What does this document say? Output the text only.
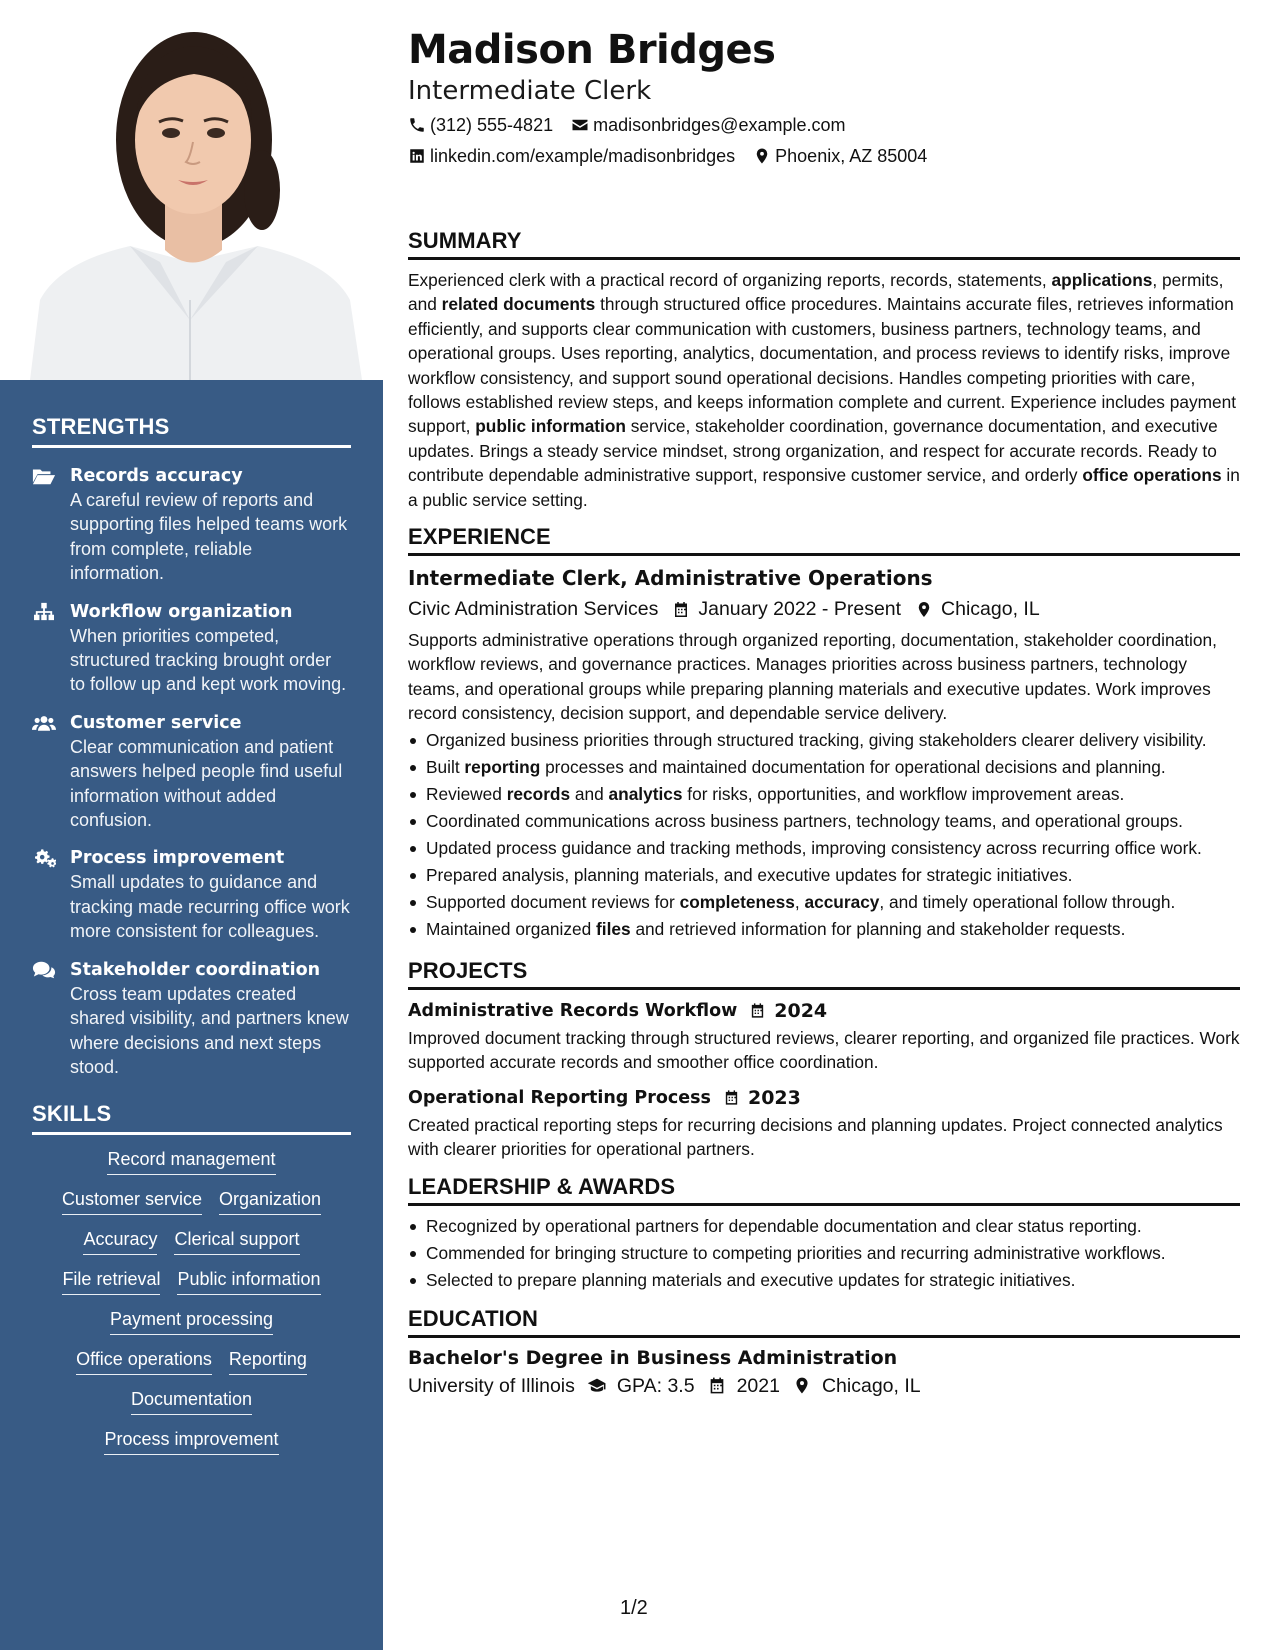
STRENGTHS
Records accuracy
A careful review of reports and supporting files helped teams work from complete, reliable information.
Workflow organization
When priorities competed, structured tracking brought order to follow up and kept work moving.
Customer service
Clear communication and patient answers helped people find useful information without added confusion.
Process improvement
Small updates to guidance and tracking made recurring office work more consistent for colleagues.
Stakeholder coordination
Cross team updates created shared visibility, and partners knew where decisions and next steps stood.
SKILLS
Record management
Customer service Organization
Accuracy Clerical support
File retrieval Public information
Payment processing
Office operations Reporting
Documentation
Process improvement
Madison Bridges
Intermediate Clerk
(312) 555-4821 madisonbridges@example.com
linkedin.com/example/madisonbridges Phoenix, AZ 85004
SUMMARY

Experienced clerk with a practical record of organizing reports, records, statements, applications, permits, and related documents through structured office procedures. Maintains accurate files, retrieves information efficiently, and supports clear communication with customers, business partners, technology teams, and operational groups. Uses reporting, analytics, documentation, and process reviews to identify risks, improve workflow consistency, and support sound operational decisions. Handles competing priorities with care, follows established review steps, and keeps information complete and current. Experience includes payment support, public information service, stakeholder coordination, governance documentation, and executive updates. Brings a steady service mindset, strong organization, and respect for accurate records. Ready to contribute dependable administrative support, responsive customer service, and orderly office operations in a public service setting.

EXPERIENCE
Intermediate Clerk, Administrative Operations
Civic Administration Services January 2022 - Present Chicago, IL

Supports administrative operations through organized reporting, documentation, stakeholder coordination, workflow reviews, and governance practices. Manages priorities across business partners, technology teams, and operational groups while preparing planning materials and executive updates. Work improves record consistency, decision support, and dependable service delivery.

Organized business priorities through structured tracking, giving stakeholders clearer delivery visibility.
Built reporting processes and maintained documentation for operational decisions and planning.
Reviewed records and analytics for risks, opportunities, and workflow improvement areas.
Coordinated communications across business partners, technology teams, and operational groups.
Updated process guidance and tracking methods, improving consistency across recurring office work.
Prepared analysis, planning materials, and executive updates for strategic initiatives.
Supported document reviews for completeness, accuracy, and timely operational follow through.
Maintained organized files and retrieved information for planning and stakeholder requests.
PROJECTS
Administrative Records Workflow 2024

Improved document tracking through structured reviews, clearer reporting, and organized file practices. Work supported accurate records and smoother office coordination.

Operational Reporting Process 2023

Created practical reporting steps for recurring decisions and planning updates. Project connected analytics with clearer priorities for operational partners.

LEADERSHIP & AWARDS
Recognized by operational partners for dependable documentation and clear status reporting.
Commended for bringing structure to competing priorities and recurring administrative workflows.
Selected to prepare planning materials and executive updates for strategic initiatives.
EDUCATION
Bachelor's Degree in Business Administration
University of Illinois GPA: 3.5 2021 Chicago, IL
1/2
